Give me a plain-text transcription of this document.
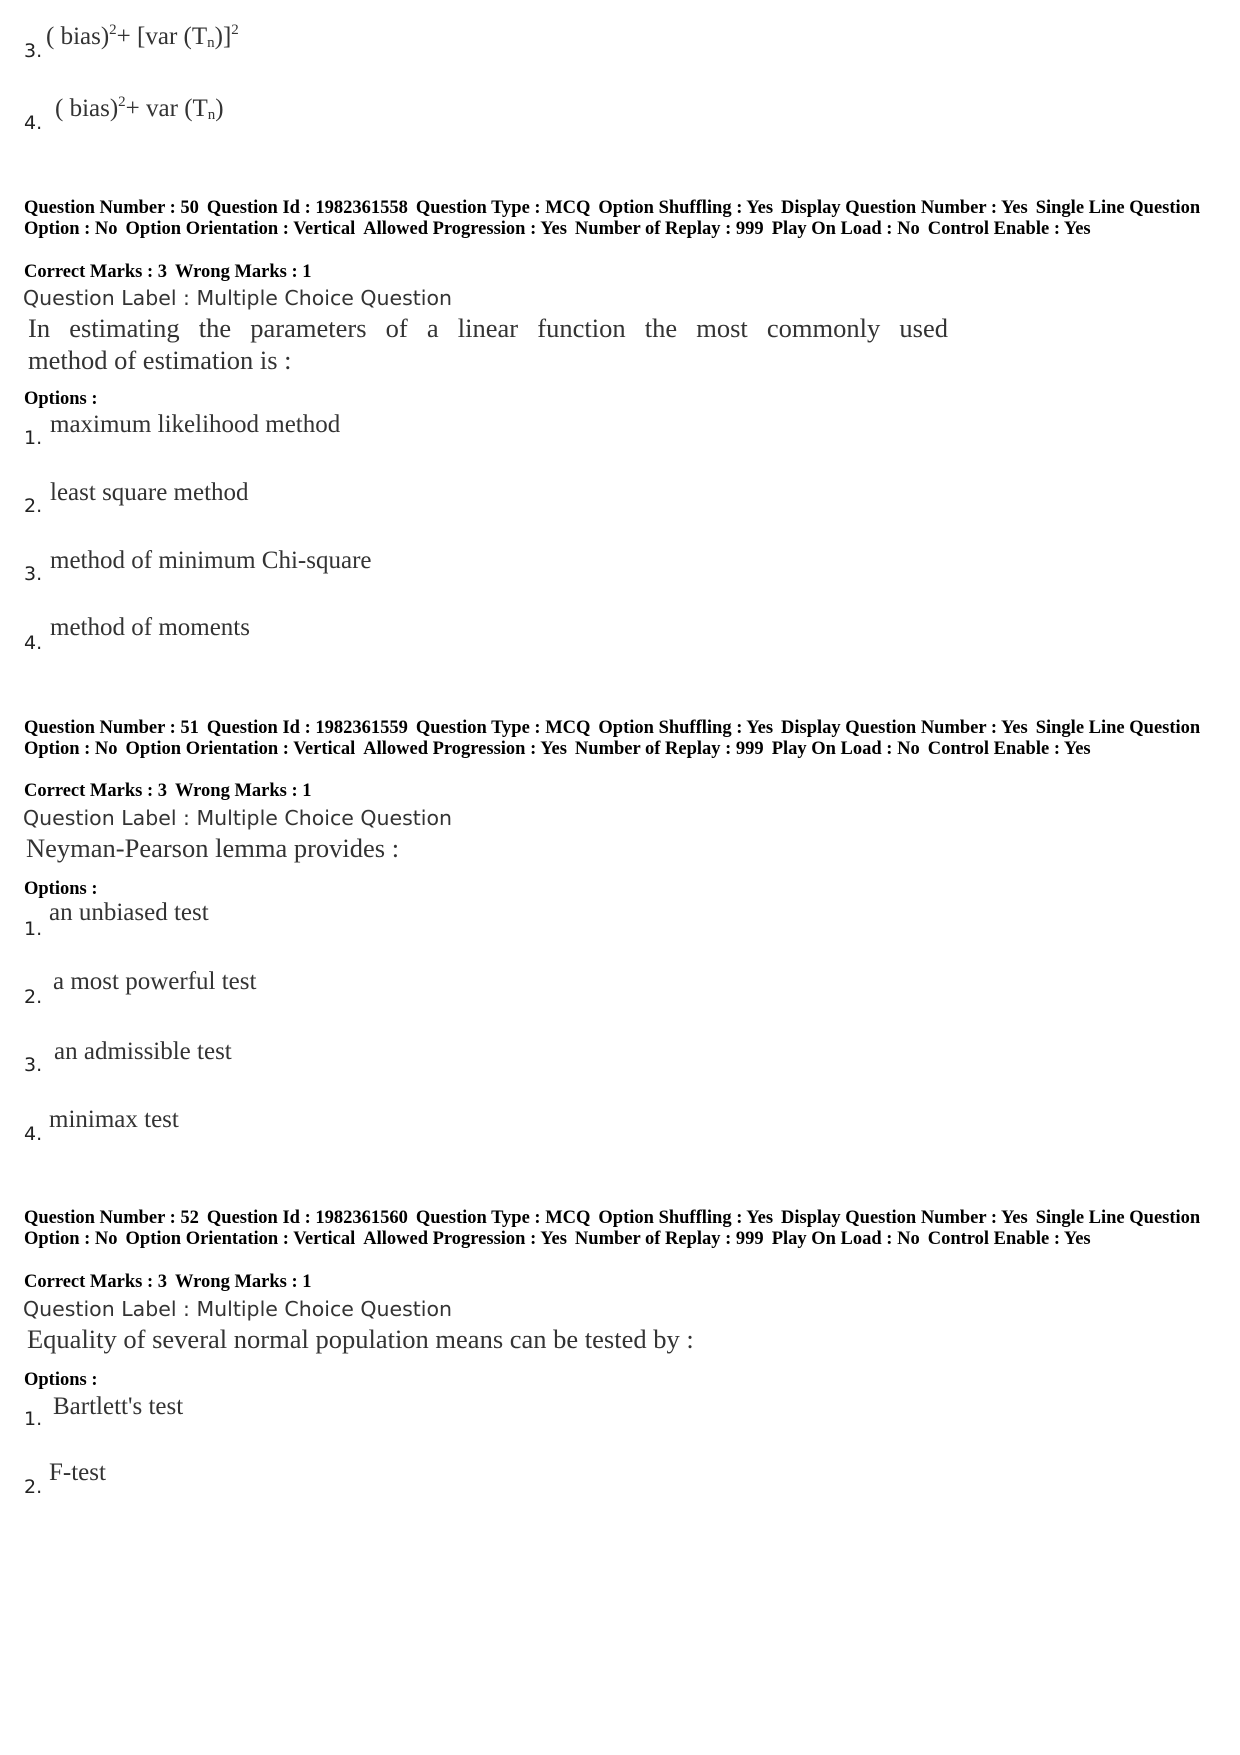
3.
( bias)$^2$+ [var $(T_n)]^2$
4.
( bias)$^2$+ var $(T_n)$
Question Number : 50 Question Id : 1982361558 Question Type : MCQ Option Shuffling : Yes Display Question Number : Yes Single Line Question Option : No Option Orientation : Vertical Allowed Progression : Yes Number of Replay : 999 Play On Load : No Control Enable : Yes
Correct Marks : 3 Wrong Marks : 1
Question Label : Multiple Choice Question
In estimating the parameters of a linear function the most commonly used
method of estimation is :
Options :
1. maximum likelihood method
2. least square method
3. method of minimum Chi-square
4.
method of moments
Question Number : 51 Question Id : 1982361559 Question Type : MCQ Option Shuffling : Yes Display Question Number : Yes Single Line Question Option : No Option Orientation : Vertical Allowed Progression : Yes Number of Replay : 999 Play On Load : No Control Enable : Yes
Correct Marks : 3 Wrong Marks : 1
Question Label : Multiple Choice Question
Neyman-Pearson lemma provides :
Options :
1.
an unbiased test
2.
a most powerful test
3. an admissible test
4.
minimax test
Question Number : 52 Question Id : 1982361560 Question Type : MCQ Option Shuffling : Yes Display Question Number : Yes Single Line Question Option : No Option Orientation : Vertical Allowed Progression : Yes Number of Replay : 999 Play On Load : No Control Enable : Yes
Correct Marks : 3 Wrong Marks : 1
Question Label : Multiple Choice Question
Equality of several normal population means can be tested by :
Options :
1. Bartlett's test
2.
F-test
